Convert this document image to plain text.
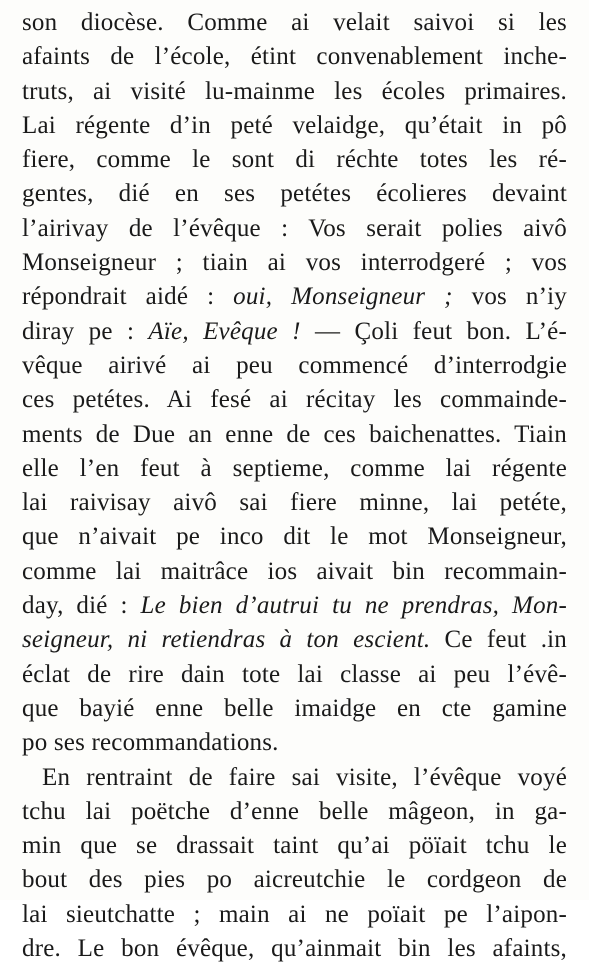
son diocèse. Comme ai velait saivoi si les
afaints de l’école, étint convenablement inche-
truts, ai visité lu-mainme les écoles primaires.
Lai régente d’in peté velaidge, qu’était in pô
fiere, comme le sont di réchte totes les ré-
gentes, dié en ses petétes écolieres devaint
l’airivay de l’évêque : Vos serait polies aivô
Monseigneur ; tiain ai vos interrodgeré ; vos
répondrait aidé : oui, Monseigneur ; vos n’iy
diray pe : Aïe, Evêque ! — Çoli feut bon. L’é-
vêque airivé ai peu commencé d’interrodgie
ces petétes. Ai fesé ai récitay les commainde-
ments de Due an enne de ces baichenattes. Tiain
elle l’en feut à septieme, comme lai régente
lai raivisay aivô sai fiere minne, lai petéte,
que n’aivait pe inco dit le mot Monseigneur,
comme lai maitrâce ios aivait bin recommain-
day, dié : Le bien d’autrui tu ne prendras, Mon-
seigneur, ni retiendras à ton escient. Ce feut .in
éclat de rire dain tote lai classe ai peu l’évê-
que bayié enne belle imaidge en cte gamine
po ses recommandations.
En rentraint de faire sai visite, l’évêque voyé
tchu lai poëtche d’enne belle mâgeon, in ga-
min que se drassait taint qu’ai pöïait tchu le
bout des pies po aicreutchie le cordgeon de
lai sieutchatte ; main ai ne poïait pe l’aipon-
dre. Le bon évêque, qu’ainmait bin les afaints,
